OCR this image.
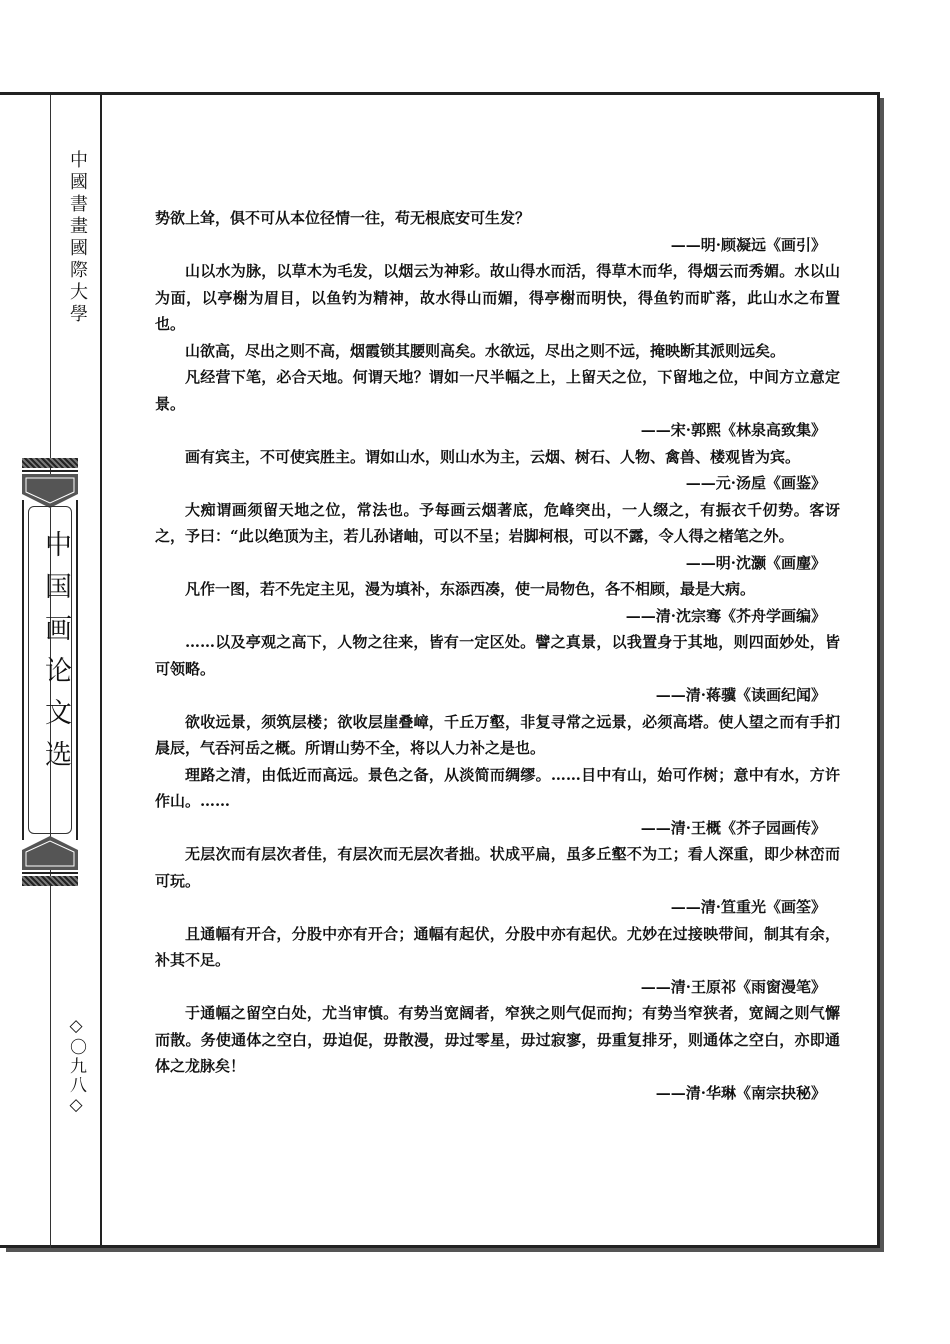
中國書畫國際大學
中国画论文选
◇〇九八◇

势欲上耸，俱不可从本位径情一往，苟无根底安可生发？

——明·顾凝远《画引》

山以水为脉，以草木为毛发，以烟云为神彩。故山得水而活，得草木而华，得烟云而秀媚。水以山为面，以亭榭为眉目，以鱼钓为精神，故水得山而媚，得亭榭而明快，得鱼钓而旷落，此山水之布置也。

山欲高，尽出之则不高，烟霞锁其腰则高矣。水欲远，尽出之则不远，掩映断其派则远矣。

凡经营下笔，必合天地。何谓天地？谓如一尺半幅之上，上留天之位，下留地之位，中间方立意定景。

——宋·郭熙《林泉高致集》

画有宾主，不可使宾胜主。谓如山水，则山水为主，云烟、树石、人物、禽兽、楼观皆为宾。

——元·汤垕《画鉴》

大痴谓画须留天地之位，常法也。予每画云烟著底，危峰突出，一人缀之，有振衣千仞势。客讶之，予曰：“此以绝顶为主，若儿孙诸岫，可以不呈；岩脚柯根，可以不露，令人得之楮笔之外。

——明·沈灏《画麈》

凡作一图，若不先定主见，漫为填补，东添西凑，使一局物色，各不相顾，最是大病。

——清·沈宗骞《芥舟学画编》

……以及亭观之高下，人物之往来，皆有一定区处。譬之真景，以我置身于其地，则四面妙处，皆可领略。

——清·蒋骥《读画纪闻》

欲收远景，须筑层楼；欲收层崖叠嶂，千丘万壑，非复寻常之远景，必须高塔。使人望之而有手扪晨辰，气吞河岳之概。所谓山势不全，将以人力补之是也。

理路之清，由低近而高远。景色之备，从淡简而绸缪。……目中有山，始可作树；意中有水，方许作山。……

——清·王概《芥子园画传》

无层次而有层次者佳，有层次而无层次者拙。状成平扁，虽多丘壑不为工；看人深重，即少林峦而可玩。

——清·笪重光《画筌》

且通幅有开合，分股中亦有开合；通幅有起伏，分股中亦有起伏。尤妙在过接映带间，制其有余，补其不足。

——清·王原祁《雨窗漫笔》

于通幅之留空白处，尤当审慎。有势当宽阔者，窄狭之则气促而拘；有势当窄狭者，宽阔之则气懈而散。务使通体之空白，毋迫促，毋散漫，毋过零星，毋过寂寥，毋重复排牙，则通体之空白，亦即通体之龙脉矣！

——清·华琳《南宗抉秘》
